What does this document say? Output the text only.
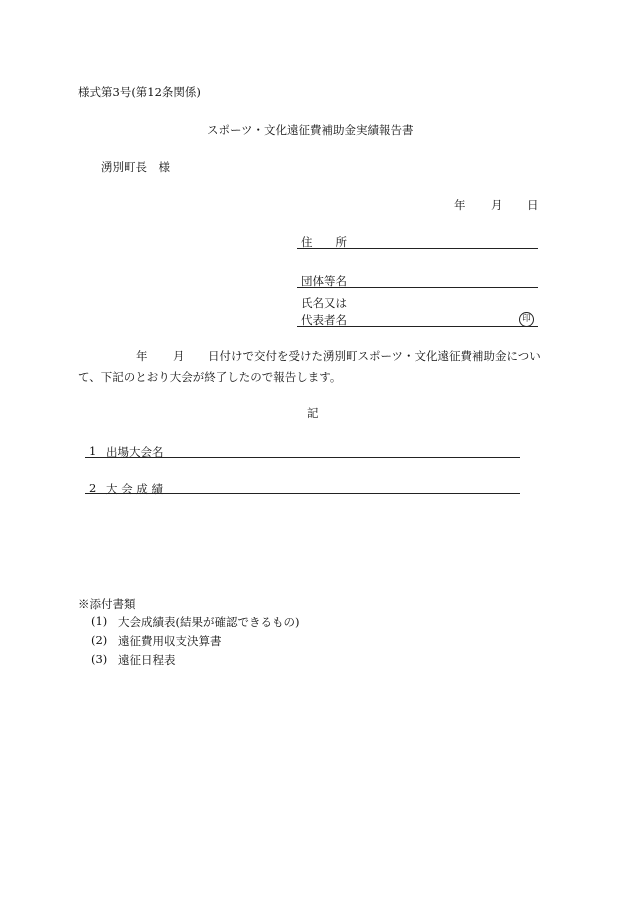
様式第3号(第12条関係)
スポーツ・文化遠征費補助金実績報告書
湧別町長　様
年 月 日
住　　所
団体等名
氏名又は
代表者名	印
年 月 日付けで交付を受けた湧別町スポーツ・文化遠征費補助金につい
て、下記のとおり大会が終了したので報告します。
記
1 出場大会名
2 大 会 成 績
※添付書類
(1) 大会成績表(結果が確認できるもの)
(2) 遠征費用収支決算書
(3) 遠征日程表
